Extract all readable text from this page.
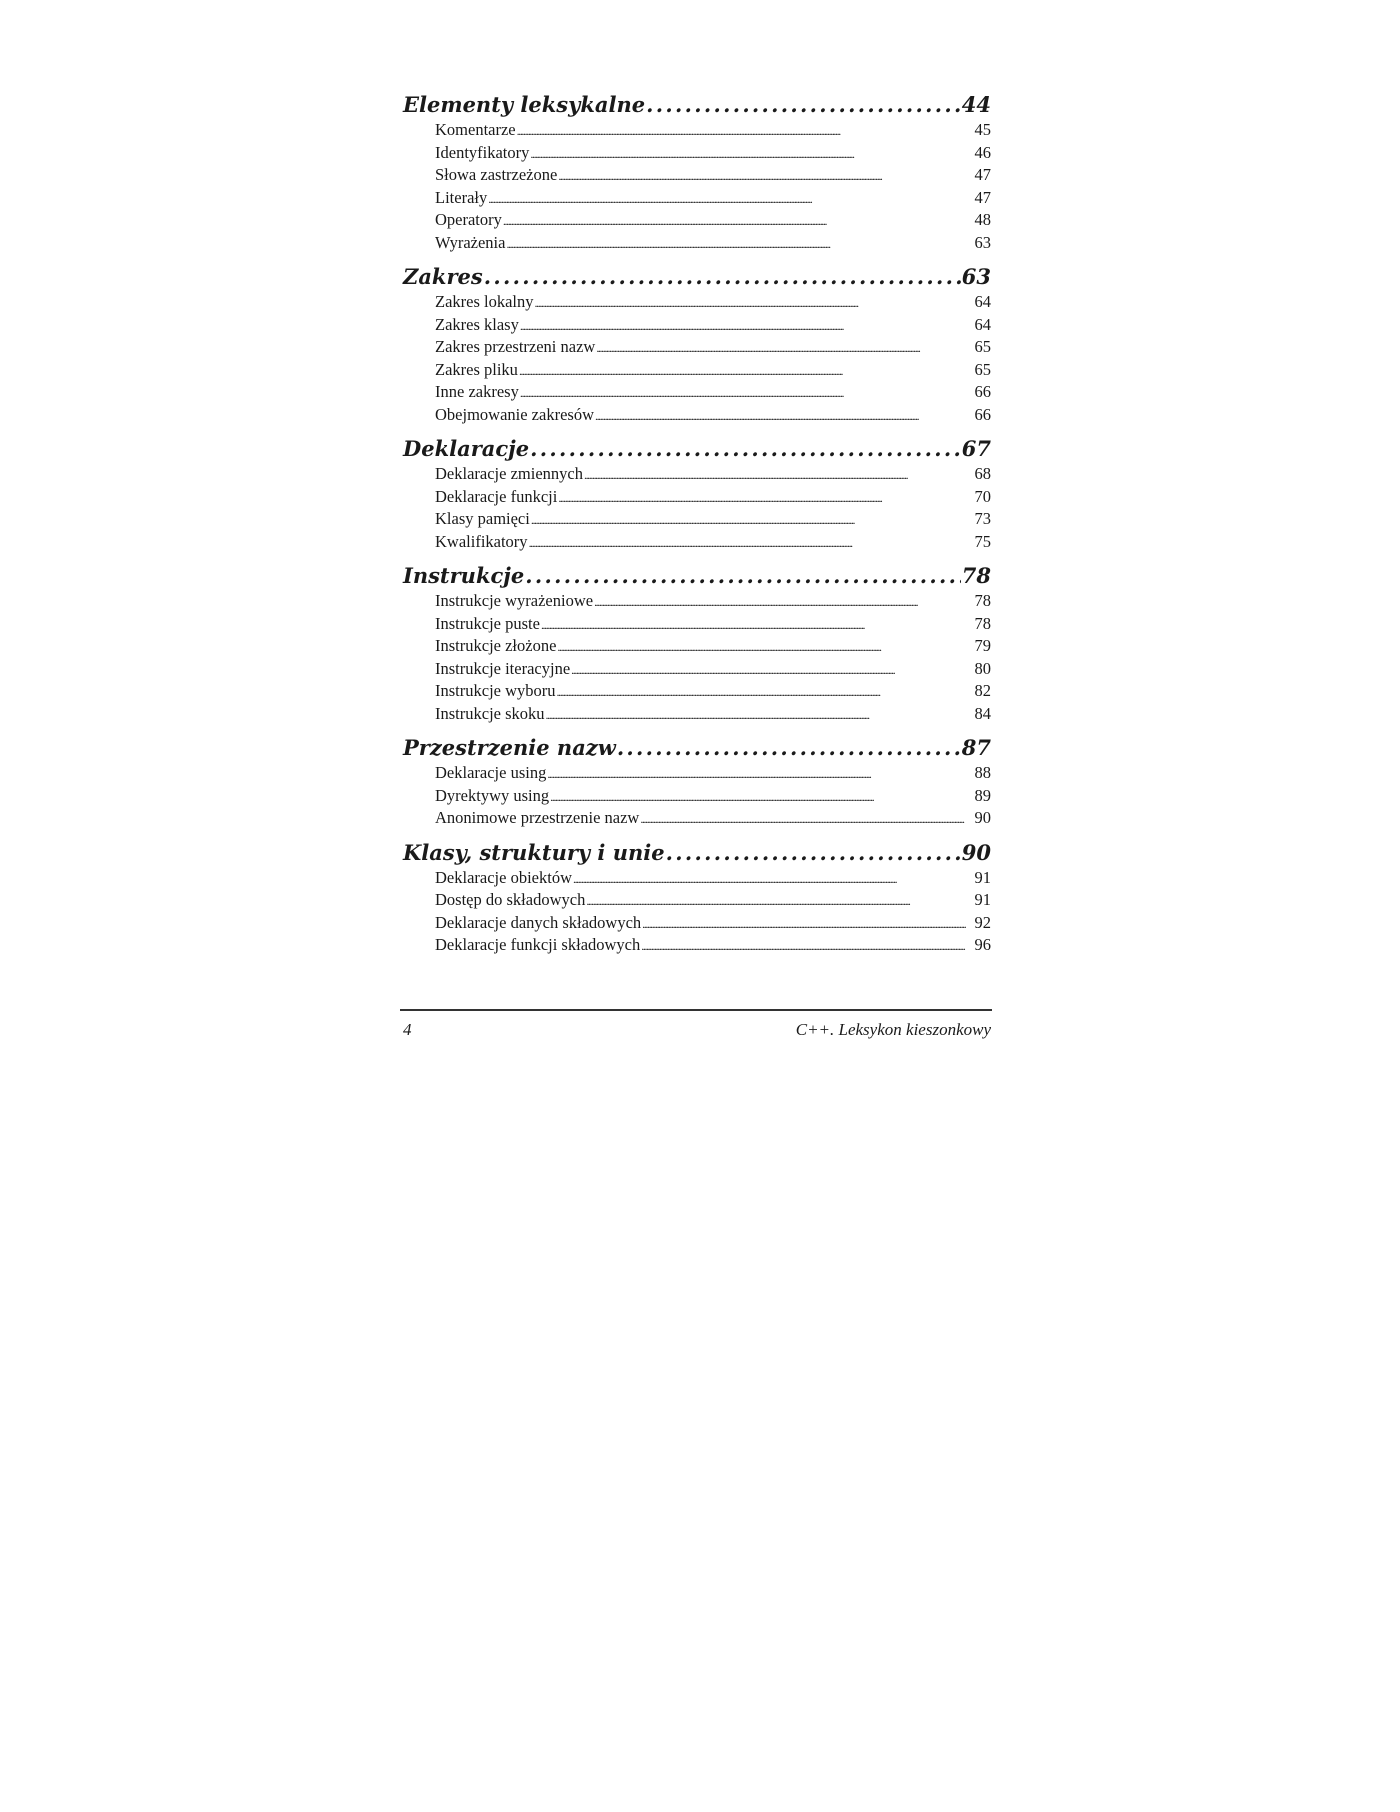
Elementy leksykalne . . .	44
Komentarze . . .	45
Identyfikatory . . .	46
Słowa zastrzeżone . . .	47
Literały . . .	47
Operatory . . .	48
Wyrażenia . . .	63
Zakres . . .	63
Zakres lokalny . . .	64
Zakres klasy . . .	64
Zakres przestrzeni nazw . . .	65
Zakres pliku . . .	65
Inne zakresy . . .	66
Obejmowanie zakresów . . .	66
Deklaracje . . .	67
Deklaracje zmiennych . . .	68
Deklaracje funkcji . . .	70
Klasy pamięci . . .	73
Kwalifikatory . . .	75
Instrukcje . . .	78
Instrukcje wyrażeniowe . . .	78
Instrukcje puste . . .	78
Instrukcje złożone . . .	79
Instrukcje iteracyjne . . .	80
Instrukcje wyboru . . .	82
Instrukcje skoku . . .	84
Przestrzenie nazw . . .	87
Deklaracje using . . .	88
Dyrektywy using . . .	89
Anonimowe przestrzenie nazw . . .	90
Klasy, struktury i unie . . .	90
Deklaracje obiektów . . .	91
Dostęp do składowych . . .	91
Deklaracje danych składowych . . .	92
Deklaracje funkcji składowych . . .	96
4	C++. Leksykon kieszonkowy
